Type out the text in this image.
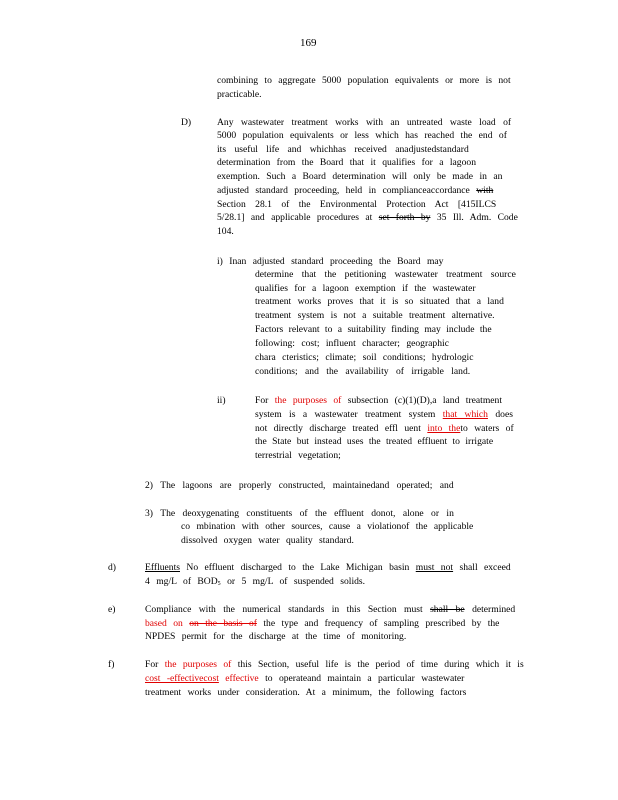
169
combining to aggregate 5000 population equivalents or more is not
practicable.
D)	Any wastewater treatment works with an untreated waste load of
5000 population equivalents or less which has reached the end of
its useful life and whichhas received anadjustedstandard
determination from the Board that it qualifies for a lagoon
exemption. Such a Board determination will only be made in an
adjusted standard proceeding, held in complianceaccordance with
Section 28.1 of the Environmental Protection Act [415ILCS
5/28.1] and applicable procedures at set forth by 35 Ill. Adm. Code
104.
i) Inan adjusted standard proceeding the Board may
determine that the petitioning wastewater treatment source
qualifies for a lagoon exemption if the wastewater
treatment works proves that it is so situated that a land
treatment system is not a suitable treatment alternative.
Factors relevant to a suitability finding may include the
following: cost; influent character; geographic
chara cteristics; climate; soil conditions; hydrologic
conditions; and the availability of irrigable land.
ii)	For the purposes of subsection (c)(1)(D),a land treatment
system is a wastewater treatment system that which does
not directly discharge treated effl uent into theto waters of
the State but instead uses the treated effluent to irrigate
terrestrial vegetation;
2) The lagoons are properly constructed, maintainedand operated; and
3) The deoxygenating constituents of the effluent donot, alone or in
co mbination with other sources, cause a violationof the applicable
dissolved oxygen water quality standard.
d)	Effluents No effluent discharged to the Lake Michigan basin must not shall exceed
4 mg/L of $BOD_5$ or 5 mg/L of suspended solids.
e)	Compliance with the numerical standards in this Section must shall be determined
based on on the basis of the type and frequency of sampling prescribed by the
NPDES permit for the discharge at the time of monitoring.
f)	For the purposes of this Section, useful life is the period of time during which it is
cost -effectivecost effective to operateand maintain a particular wastewater
treatment works under consideration. At a minimum, the following factors
